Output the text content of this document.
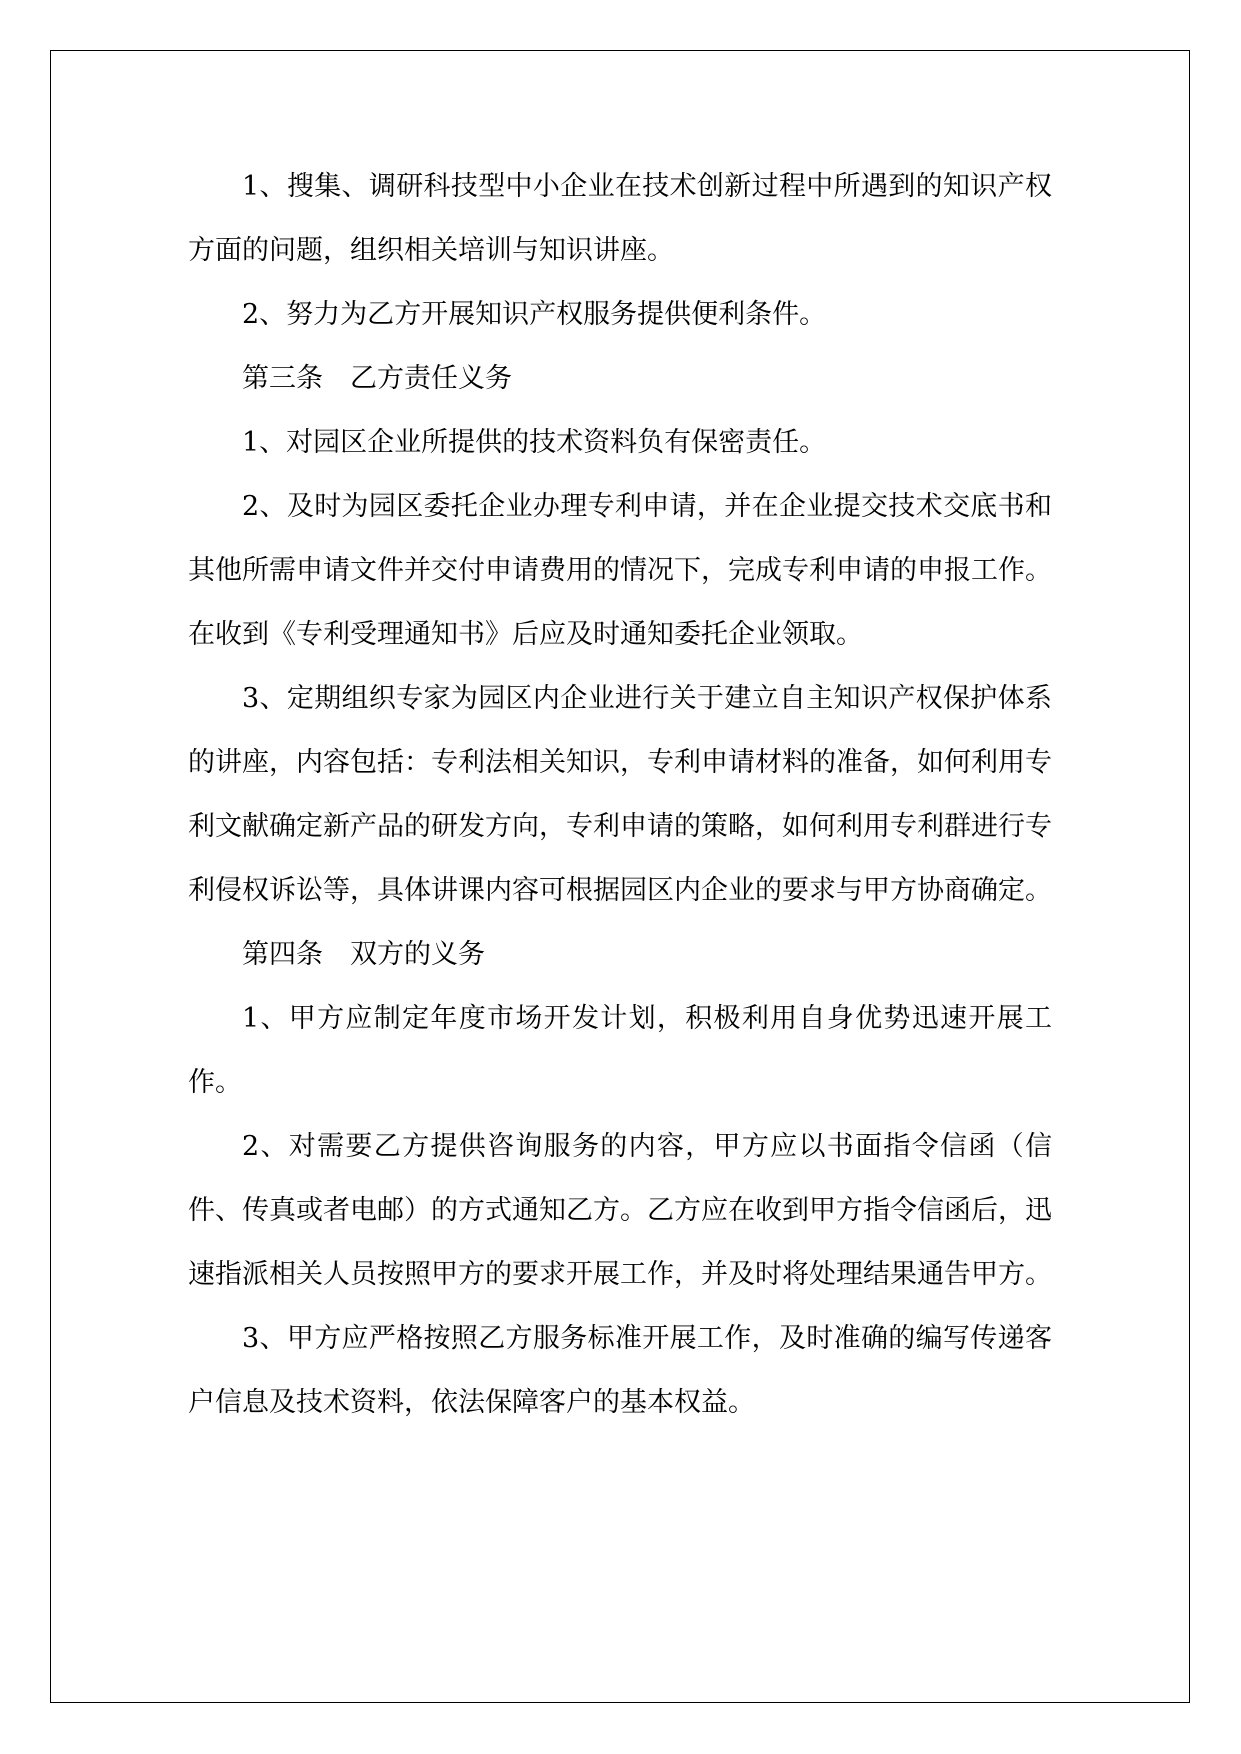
1、搜集、调研科技型中小企业在技术创新过程中所遇到的知识产权方面的问题，组织相关培训与知识讲座。

2、努力为乙方开展知识产权服务提供便利条件。

第三条　乙方责任义务

1、对园区企业所提供的技术资料负有保密责任。

2、及时为园区委托企业办理专利申请，并在企业提交技术交底书和其他所需申请文件并交付申请费用的情况下，完成专利申请的申报工作。在收到《专利受理通知书》后应及时通知委托企业领取。

3、定期组织专家为园区内企业进行关于建立自主知识产权保护体系的讲座，内容包括：专利法相关知识，专利申请材料的准备，如何利用专利文献确定新产品的研发方向，专利申请的策略，如何利用专利群进行专利侵权诉讼等，具体讲课内容可根据园区内企业的要求与甲方协商确定。

第四条　双方的义务

1、甲方应制定年度市场开发计划，积极利用自身优势迅速开展工作。

2、对需要乙方提供咨询服务的内容，甲方应以书面指令信函（信件、传真或者电邮）的方式通知乙方。乙方应在收到甲方指令信函后，迅速指派相关人员按照甲方的要求开展工作，并及时将处理结果通告甲方。

3、甲方应严格按照乙方服务标准开展工作，及时准确的编写传递客户信息及技术资料，依法保障客户的基本权益。
